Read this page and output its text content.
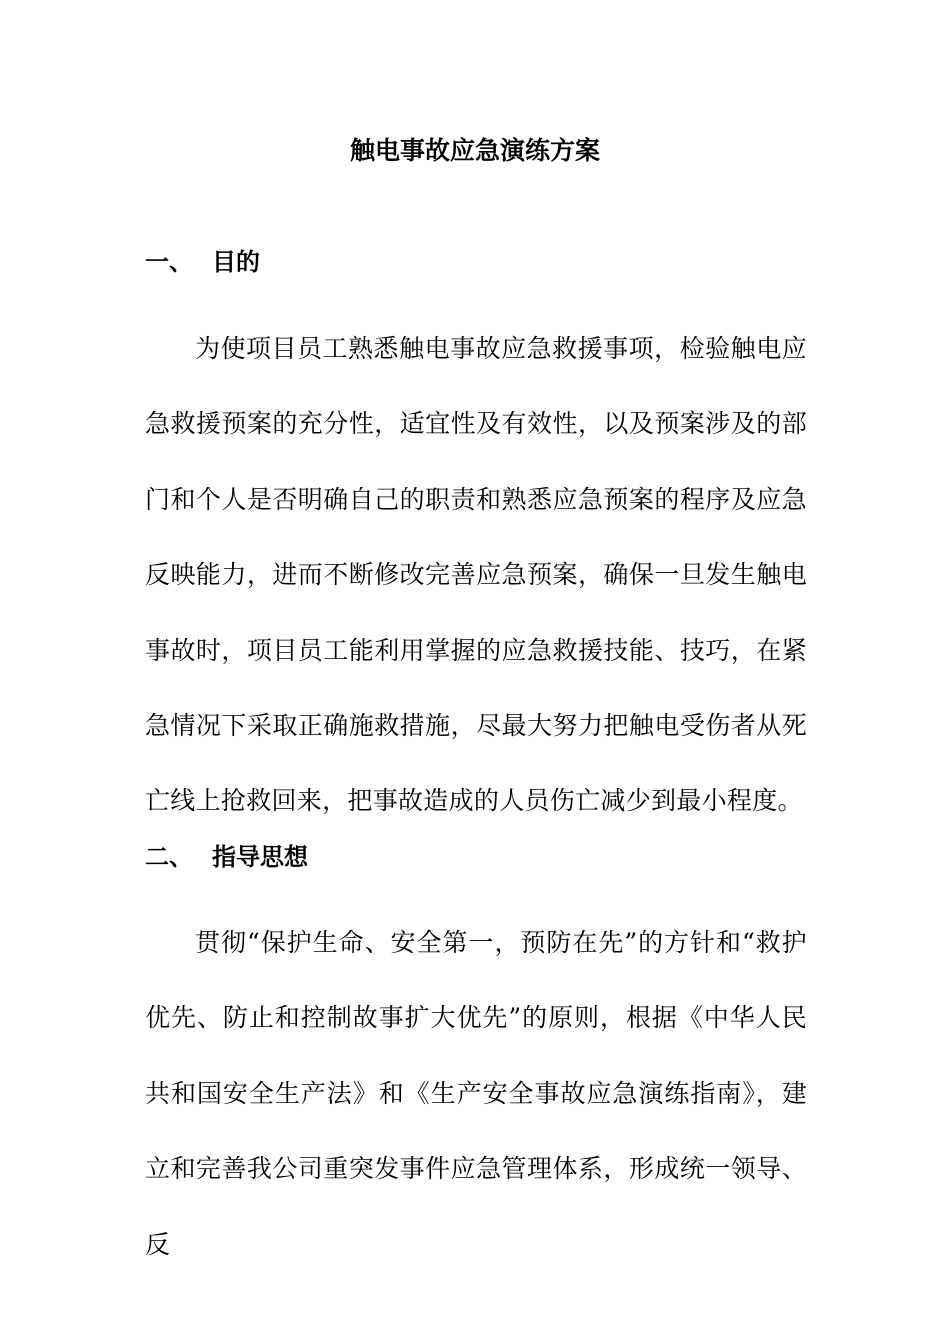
触电事故应急演练方案
一、 目的

为使项目员工熟悉触电事故应急救援事项，检验触电应急救援预案的充分性，适宜性及有效性，以及预案涉及的部门和个人是否明确自己的职责和熟悉应急预案的程序及应急反映能力，进而不断修改完善应急预案，确保一旦发生触电事故时，项目员工能利用掌握的应急救援技能、技巧，在紧急情况下采取正确施救措施，尽最大努力把触电受伤者从死亡线上抢救回来，把事故造成的人员伤亡减少到最小程度。

二、 指导思想

贯彻“保护生命、安全第一，预防在先”的方针和“救护优先、防止和控制故事扩大优先”的原则，根据《中华人民共和国安全生产法》和《生产安全事故应急演练指南》，建立和完善我公司重突发事件应急管理体系，形成统一领导、反
